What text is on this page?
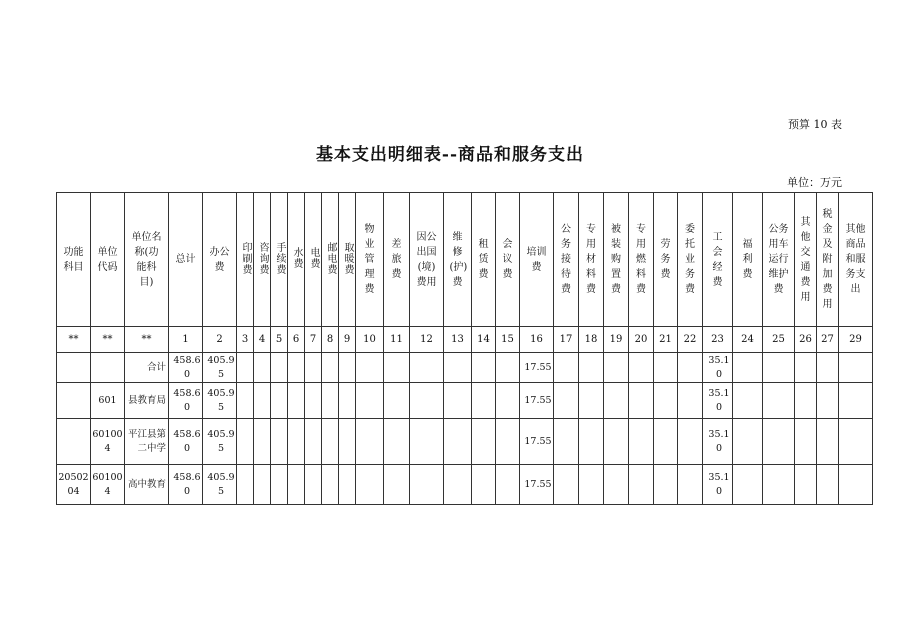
预算 10 表
基本支出明细表--商品和服务支出
单位：万元
功能科目	单位代码	单位名称(功能科目)	总计	办公费	印刷费	咨询费	手续费	水费	电费	邮电费	取暖费	物业管理费	差旅费	因公出国(境)费用	维修(护)费	租赁费	会议费	培训费	公务接待费	专用材料费	被装购置费	专用燃料费	劳务费	委托业务费	工会经费	福利费	公务用车运行维护费	其他交通费用	税金及附加费用	其他商品和服务支出
**	**	**	1	2	3	4	5	6	7	8	9	10	11	12	13	14	15	16	17	18	19	20	21	22	23	24	25	26	27	29
		合计	458.60	405.95														17.55							35.10					
	601	县教育局	458.60	405.95														17.55							35.10					
	601004	平江县第二中学	458.60	405.95														17.55							35.10					
2050204	601004	高中教育	458.60	405.95														17.55							35.10					
